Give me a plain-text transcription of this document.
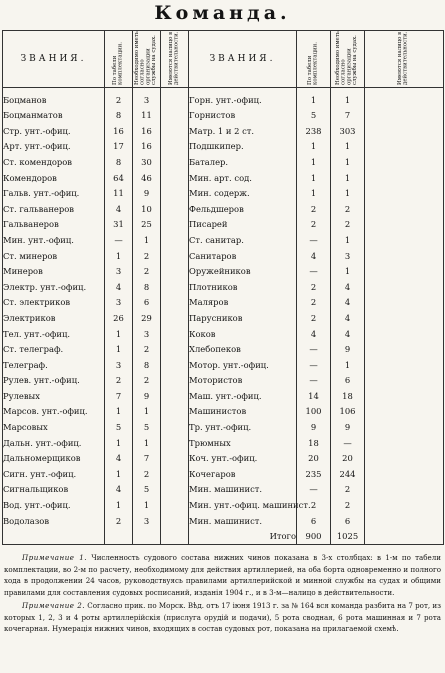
Команда.
ЗВАНИЯ.	По табели комплектации.	Необходимо иметь согласно организации службы на судах.	Имеются налицо в действительности.	ЗВАНИЯ.	По табели комплектации.	Необходимо иметь согласно организации службы на судах.	Имеются налицо в действительности.
Боцманов	2	3		Горн. унт.-офиц.	1	1	
Боцманматов	8	11		Горнистов	5	7	
Стр. унт.-офиц.	16	16		Матр. 1 и 2 ст.	238	303	
Арт. унт.-офиц.	17	16		Подшкипер.	1	1	
Ст. комендоров	8	30		Баталер.	1	1	
Комендоров	64	46		Мин. арт. сод.	1	1	
Гальв. унт.-офиц.	11	9		Мин. содерж.	1	1	
Ст. гальванеров	4	10		Фельдшеров	2	2	
Гальванеров	31	25		Писарей	2	2	
Мин. унт.-офиц.	—	1		Ст. санитар.	—	1	
Ст. минеров	1	2		Санитаров	4	3	
Минеров	3	2		Оружейников	—	1	
Электр. унт.-офиц.	4	8		Плотников	2	4	
Ст. электриков	3	6		Маляров	2	4	
Электриков	26	29		Парусников	2	4	
Тел. унт.-офиц.	1	3		Коков	4	4	
Ст. телеграф.	1	2		Хлебопеков	—	9	
Телеграф.	3	8		Мотор. унт.-офиц.	—	1	
Рулев. унт.-офиц.	2	2		Мотористов	—	6	
Рулевых	7	9		Маш. унт.-офиц.	14	18	
Марсов. унт.-офиц.	1	1		Машинистов	100	106	
Марсовых	5	5		Тр. унт.-офиц.	9	9	
Дальн. унт.-офиц.	1	1		Трюмных	18	—	
Дальномерщиков	4	7		Коч. унт.-офиц.	20	20	
Сигн. унт.-офиц.	1	2		Кочегаров	235	244	
Сигнальщиков	4	5		Мин. машинист.	—	2	
Вод. унт.-офиц.	1	1		Мин. унт.-офиц. машинист.	2	2	
Водолазов	2	3		Мин. машинист.	6	6	
				Итого	900	1025	

Примечание 1. Численность судового состава нижних чинов показана в 3-х столбцах: в 1-м по табели комплектации, во 2-м по расчету, необходимому для действия артиллерией, на оба борта одновременно и полного хода в продолжении 24 часов, руководствуясь правилами артиллерийской и минной службы на судах и общими правилами для составления судовых росписаний, изданія 1904 г., и в 3-м—налицо в действительности.

Примечание 2. Согласно прик. по Морск. Вѣд. отъ 17 іюня 1913 г. за № 164 вся команда разбита на 7 рот, из которых 1, 2, 3 и 4 роты артиллерійскія (прислуга орудій и подачи), 5 рота сводная, 6 рота машинная и 7 рота кочегарная. Нумерація нижних чинов, входящих в состав судовых рот, показана на прилагаемой схемѣ.
